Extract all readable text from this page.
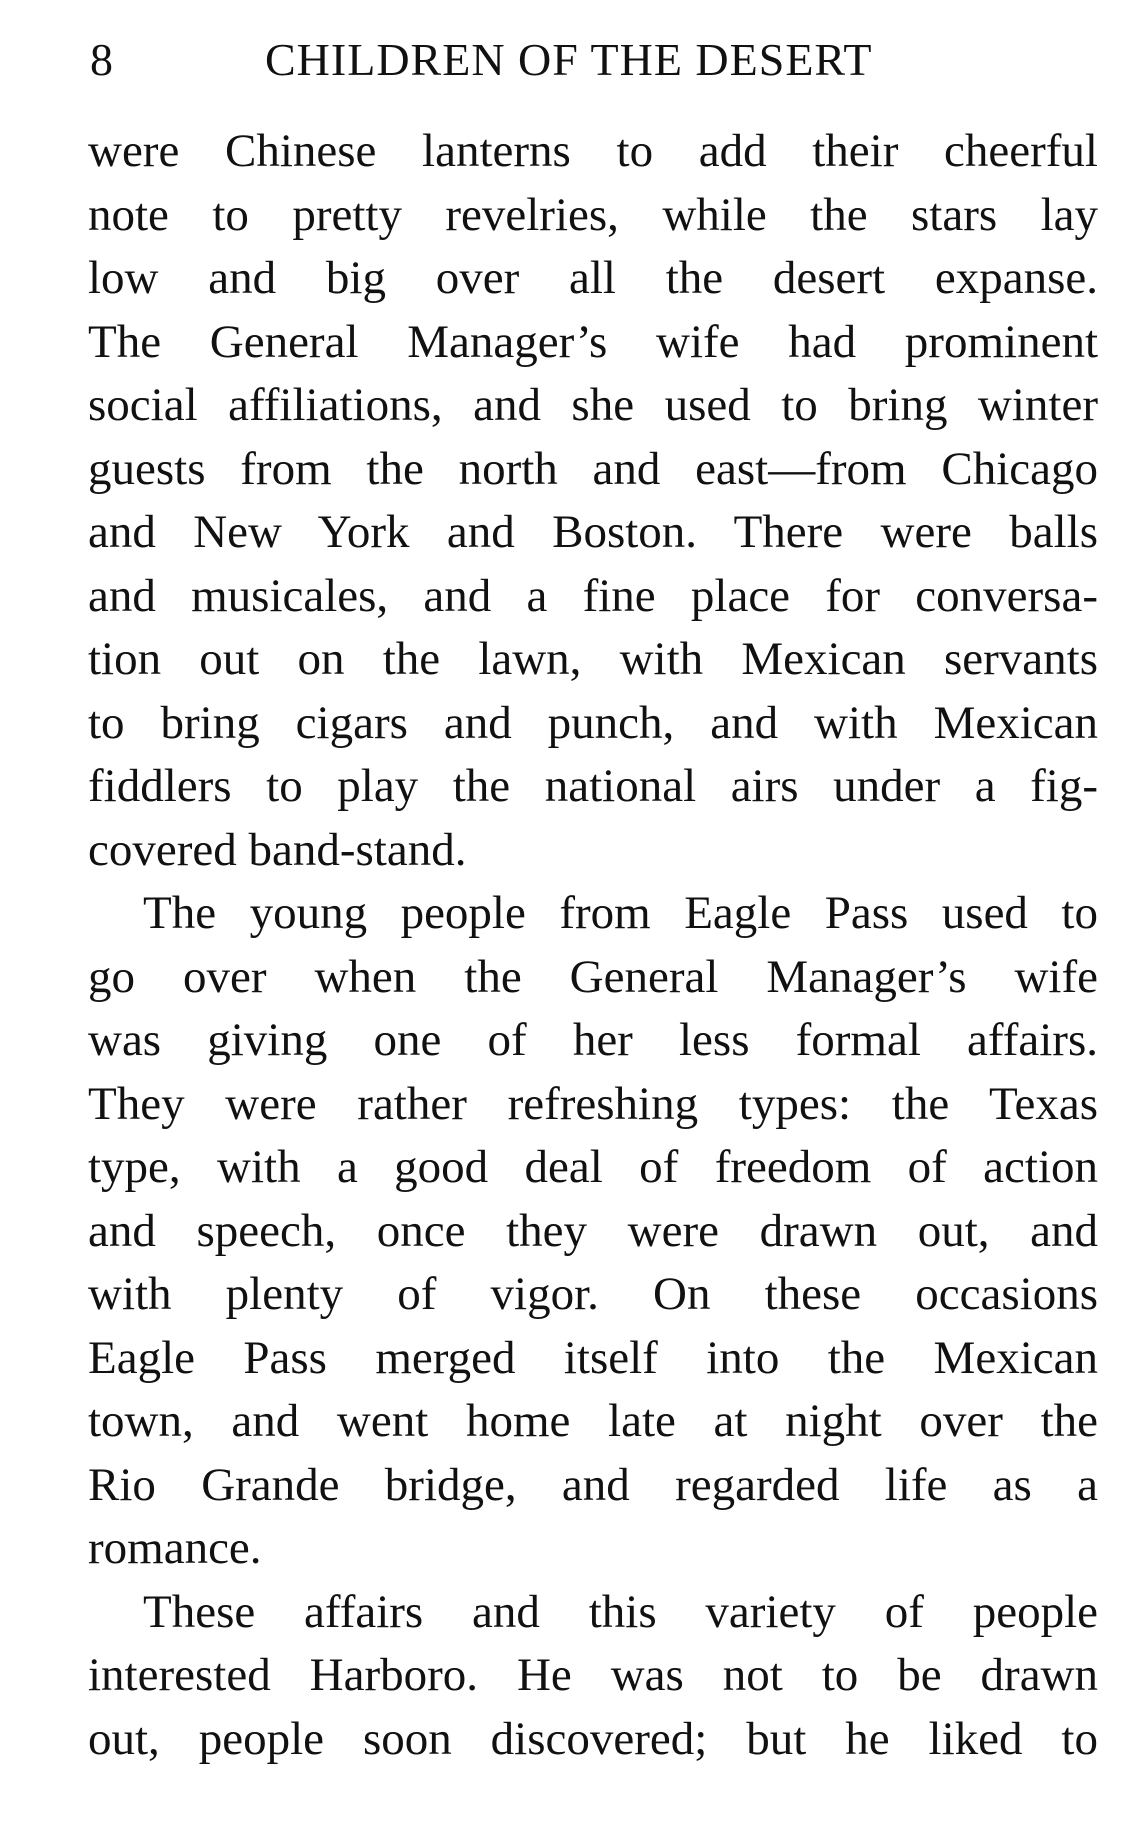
8	CHILDREN OF THE DESERT
were Chinese lanterns to add their cheerful
note to pretty revelries, while the stars lay
low and big over all the desert expanse.
The General Manager’s wife had prominent
social affiliations, and she used to bring winter
guests from the north and east—from Chicago
and New York and Boston. There were balls
and musicales, and a fine place for conversa-
tion out on the lawn, with Mexican servants
to bring cigars and punch, and with Mexican
fiddlers to play the national airs under a fig-
covered band-stand.
The young people from Eagle Pass used to
go over when the General Manager’s wife
was giving one of her less formal affairs.
They were rather refreshing types: the Texas
type, with a good deal of freedom of action
and speech, once they were drawn out, and
with plenty of vigor. On these occasions
Eagle Pass merged itself into the Mexican
town, and went home late at night over the
Rio Grande bridge, and regarded life as a
romance.
These affairs and this variety of people
interested Harboro. He was not to be drawn
out, people soon discovered; but he liked to
